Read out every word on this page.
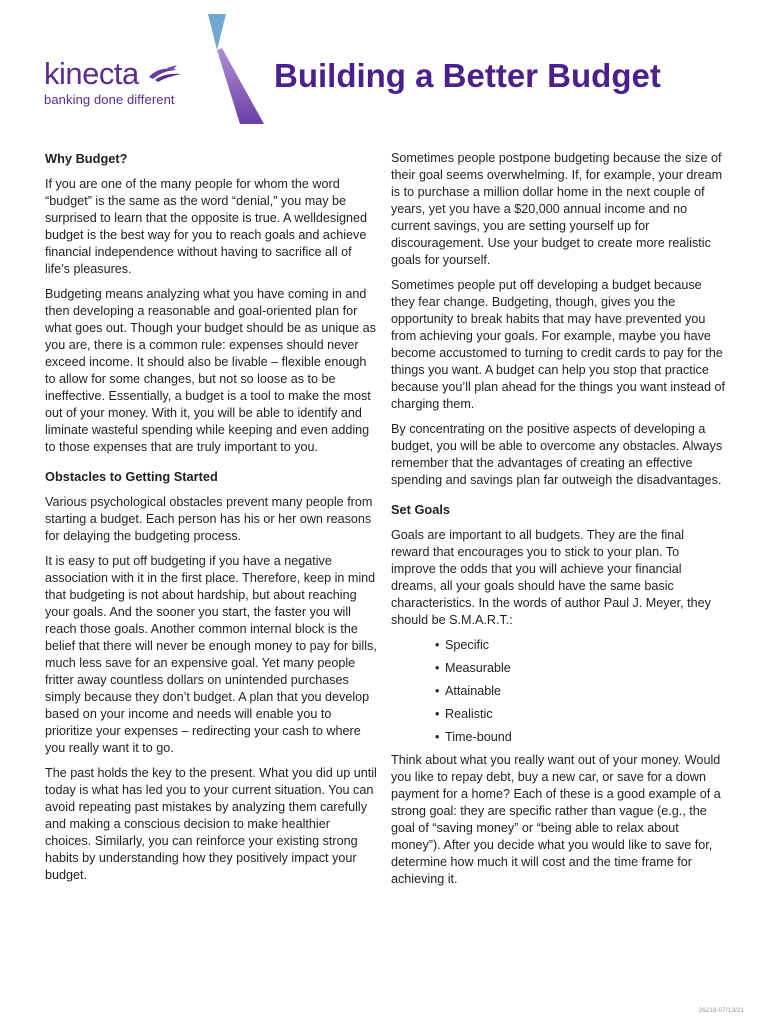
kinecta
banking done different
Building a Better Budget
Why Budget?

If you are one of the many people for whom the word “budget” is the same as the word “denial,” you may be surprised to learn that the opposite is true. A welldesigned budget is the best way for you to reach goals and achieve financial independence without having to sacrifice all of life’s pleasures.

Budgeting means analyzing what you have coming in and then developing a reasonable and goal-oriented plan for what goes out. Though your budget should be as unique as you are, there is a common rule: expenses should never exceed income. It should also be livable – flexible enough to allow for some changes, but not so loose as to be ineffective. Essentially, a budget is a tool to make the most out of your money. With it, you will be able to identify and liminate wasteful spending while keeping and even adding to those expenses that are truly important to you.

Obstacles to Getting Started

Various psychological obstacles prevent many people from starting a budget. Each person has his or her own reasons for delaying the budgeting process.

It is easy to put off budgeting if you have a negative association with it in the first place. Therefore, keep in mind that budgeting is not about hardship, but about reaching your goals. And the sooner you start, the faster you will reach those goals. Another common internal block is the belief that there will never be enough money to pay for bills, much less save for an expensive goal. Yet many people fritter away countless dollars on unintended purchases simply because they don’t budget. A plan that you develop based on your income and needs will enable you to prioritize your expenses – redirecting your cash to where you really want it to go.

The past holds the key to the present. What you did up until today is what has led you to your current situation. You can avoid repeating past mistakes by analyzing them carefully and making a conscious decision to make healthier choices. Similarly, you can reinforce your existing strong habits by understanding how they positively impact your budget.

Sometimes people postpone budgeting because the size of their goal seems overwhelming. If, for example, your dream is to purchase a million dollar home in the next couple of years, yet you have a $20,000 annual income and no current savings, you are setting yourself up for discouragement. Use your budget to create more realistic goals for yourself.

Sometimes people put off developing a budget because they fear change. Budgeting, though, gives you the opportunity to break habits that may have prevented you from achieving your goals. For example, maybe you have become accustomed to turning to credit cards to pay for the things you want. A budget can help you stop that practice because you’ll plan ahead for the things you want instead of charging them.

By concentrating on the positive aspects of developing a budget, you will be able to overcome any obstacles. Always remember that the advantages of creating an effective spending and savings plan far outweigh the disadvantages.

Set Goals

Goals are important to all budgets. They are the final reward that encourages you to stick to your plan. To improve the odds that you will achieve your financial dreams, all your goals should have the same basic characteristics. In the words of author Paul J. Meyer, they should be S.M.A.R.T.:

• Specific
• Measurable
• Attainable
• Realistic
• Time-bound

Think about what you really want out of your money. Would you like to repay debt, buy a new car, or save for a down payment for a home? Each of these is a good example of a strong goal: they are specific rather than vague (e.g., the goal of “saving money” or “being able to relax about money”). After you decide what you would like to save for, determine how much it will cost and the time frame for achieving it.

26218-07/13/21
